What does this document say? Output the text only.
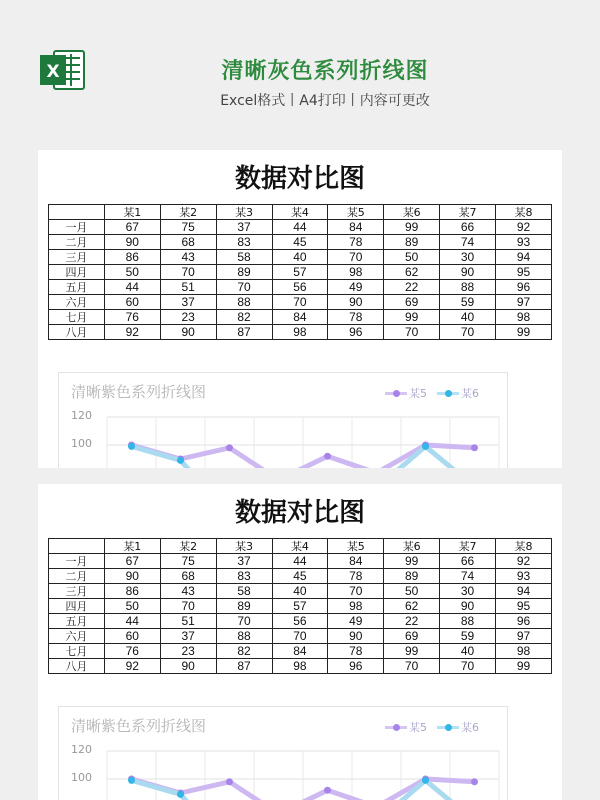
X	清晰灰色系列折线图
Excel格式丨A4打印丨内容可更改
数据对比图
	某1	某2	某3	某4	某5	某6	某7	某8
一月	67	75	37	44	84	99	66	92
二月	90	68	83	45	78	89	74	93
三月	86	43	58	40	70	50	30	94
四月	50	70	89	57	98	62	90	95
五月	44	51	70	56	49	22	88	96
六月	60	37	88	70	90	69	59	97
七月	76	23	82	84	78	99	40	98
八月	92	90	87	98	96	70	70	99
清晰紫色系列折线图	某5	某6
120
100
数据对比图
	某1	某2	某3	某4	某5	某6	某7	某8
一月	67	75	37	44	84	99	66	92
二月	90	68	83	45	78	89	74	93
三月	86	43	58	40	70	50	30	94
四月	50	70	89	57	98	62	90	95
五月	44	51	70	56	49	22	88	96
六月	60	37	88	70	90	69	59	97
七月	76	23	82	84	78	99	40	98
八月	92	90	87	98	96	70	70	99
清晰紫色系列折线图	某5	某6
120
100
